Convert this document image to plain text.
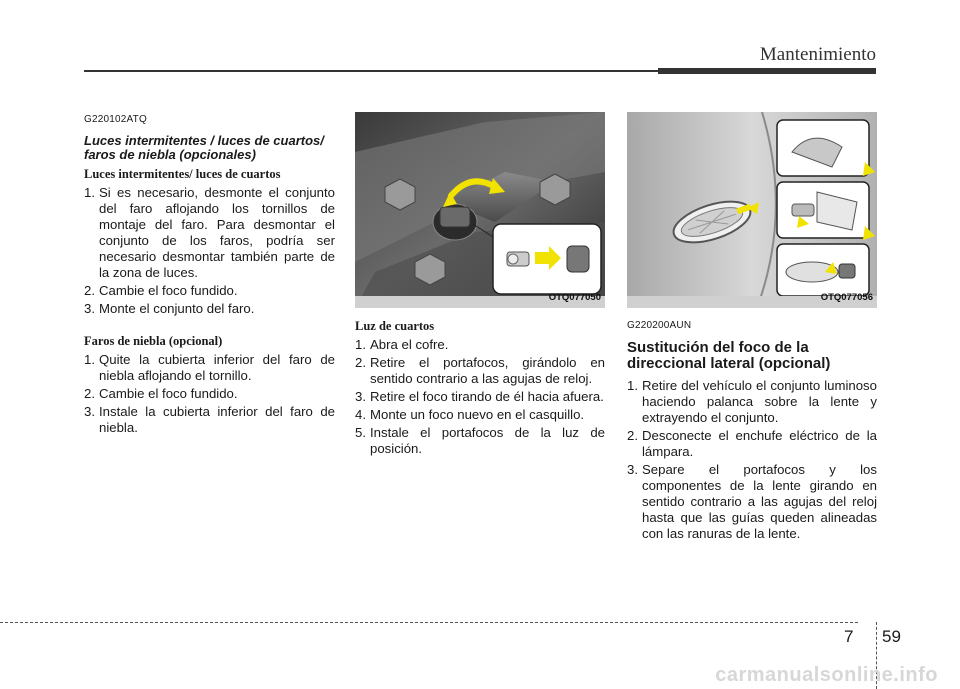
Mantenimiento
G220102ATQ
Luces intermitentes / luces de cuartos/ faros de niebla (opcionales)
Luces intermitentes/ luces de cuartos
1. Si es necesario, desmonte el conjunto del faro aflojando los tornillos de montaje del faro. Para desmontar el conjunto de los faros, podría ser necesario desmontar también parte de la zona de luces.
2. Cambie el foco fundido.
3. Monte el conjunto del faro.
Faros de niebla (opcional)
1. Quite la cubierta inferior del faro de niebla aflojando el tornillo.
2. Cambie el foco fundido.
3. Instale la cubierta inferior del faro de niebla.
OTQ077050
Luz de cuartos
1. Abra el cofre.
2. Retire el portafocos, girándolo en sentido contrario a las agujas de reloj.
3. Retire el foco tirando de él hacia afuera.
4. Monte un foco nuevo en el casquillo.
5. Instale el portafocos de la luz de posición.
OTQ077056
G220200AUN
Sustitución del foco de la direccional lateral (opcional)
1. Retire del vehículo el conjunto luminoso haciendo palanca sobre la lente y extrayendo el conjunto.
2. Desconecte el enchufe eléctrico de la lámpara.
3. Separe el portafocos y los componentes de la lente girando en sentido contrario a las agujas del reloj hasta que las guías queden alineadas con las ranuras de la lente.
7 59
carmanualsonline.info
